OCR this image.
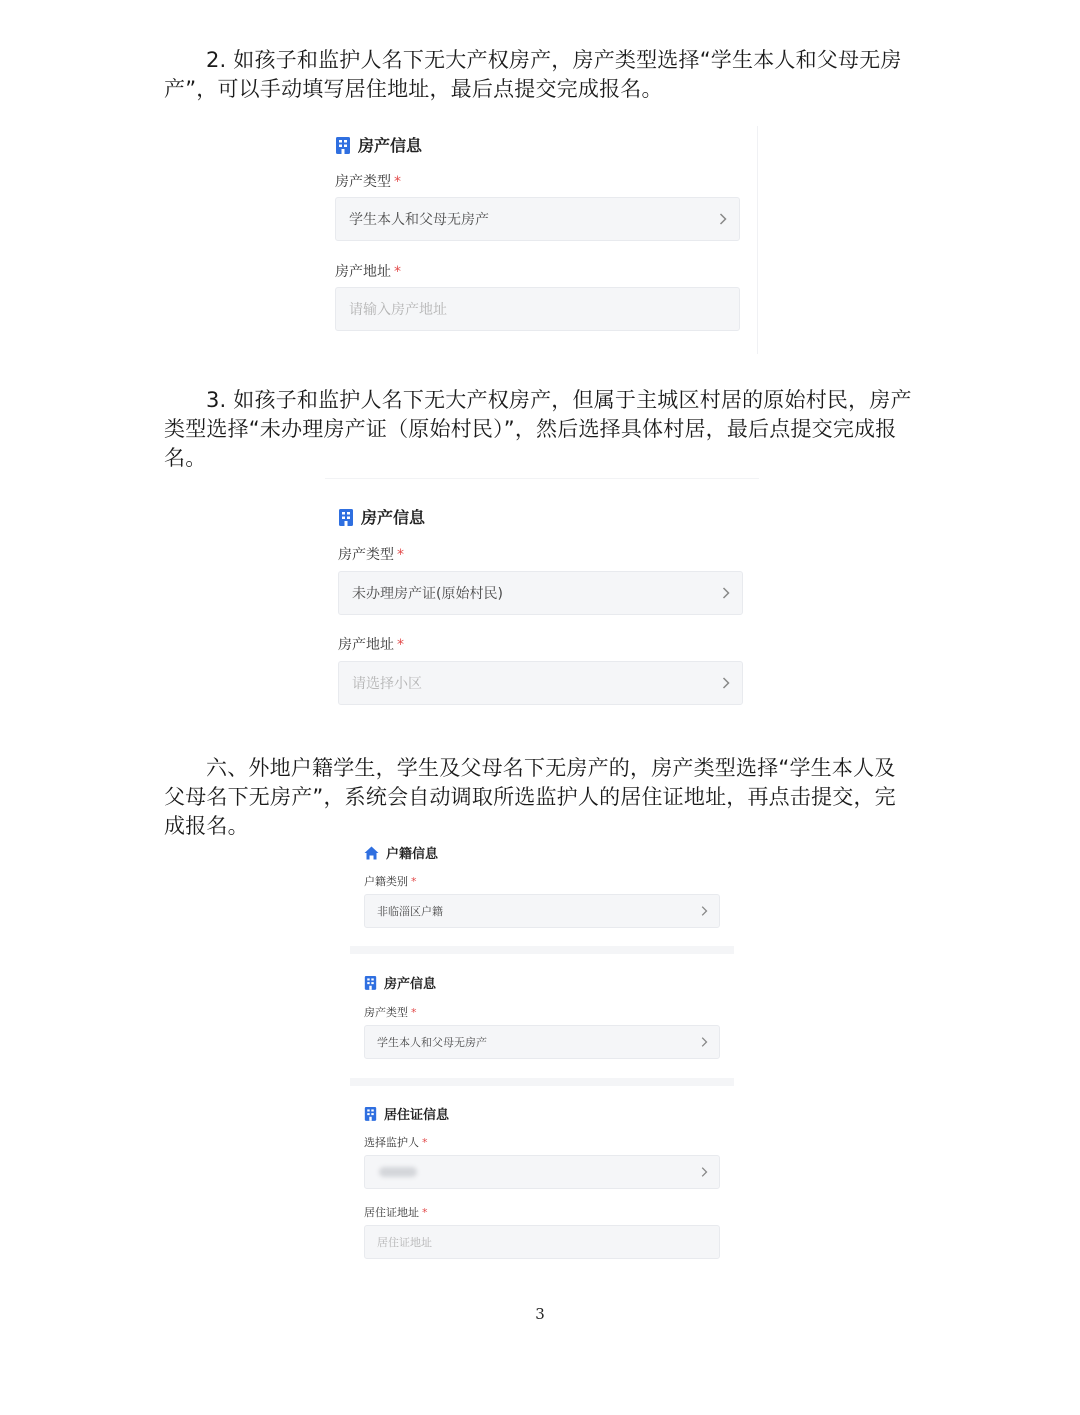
2. 如孩子和监护人名下无大产权房产，房产类型选择“学生本人和父母无房
产”，可以手动填写居住地址，最后点提交完成报名。

房产信息
房产类型 *
学生本人和父母无房产
房产地址 *
请输入房产地址

3. 如孩子和监护人名下无大产权房产，但属于主城区村居的原始村民，房产
类型选择“未办理房产证（原始村民）”，然后选择具体村居，最后点提交完成报
名。

房产信息
房产类型 *
未办理房产证(原始村民)
房产地址 *
请选择小区

六、外地户籍学生，学生及父母名下无房产的，房产类型选择“学生本人及
父母名下无房产”，系统会自动调取所选监护人的居住证地址，再点击提交，完
成报名。

户籍信息
户籍类别 *
非临淄区户籍
房产信息
房产类型 *
学生本人和父母无房产
居住证信息
选择监护人 *
居住证地址 *
居住证地址
3
